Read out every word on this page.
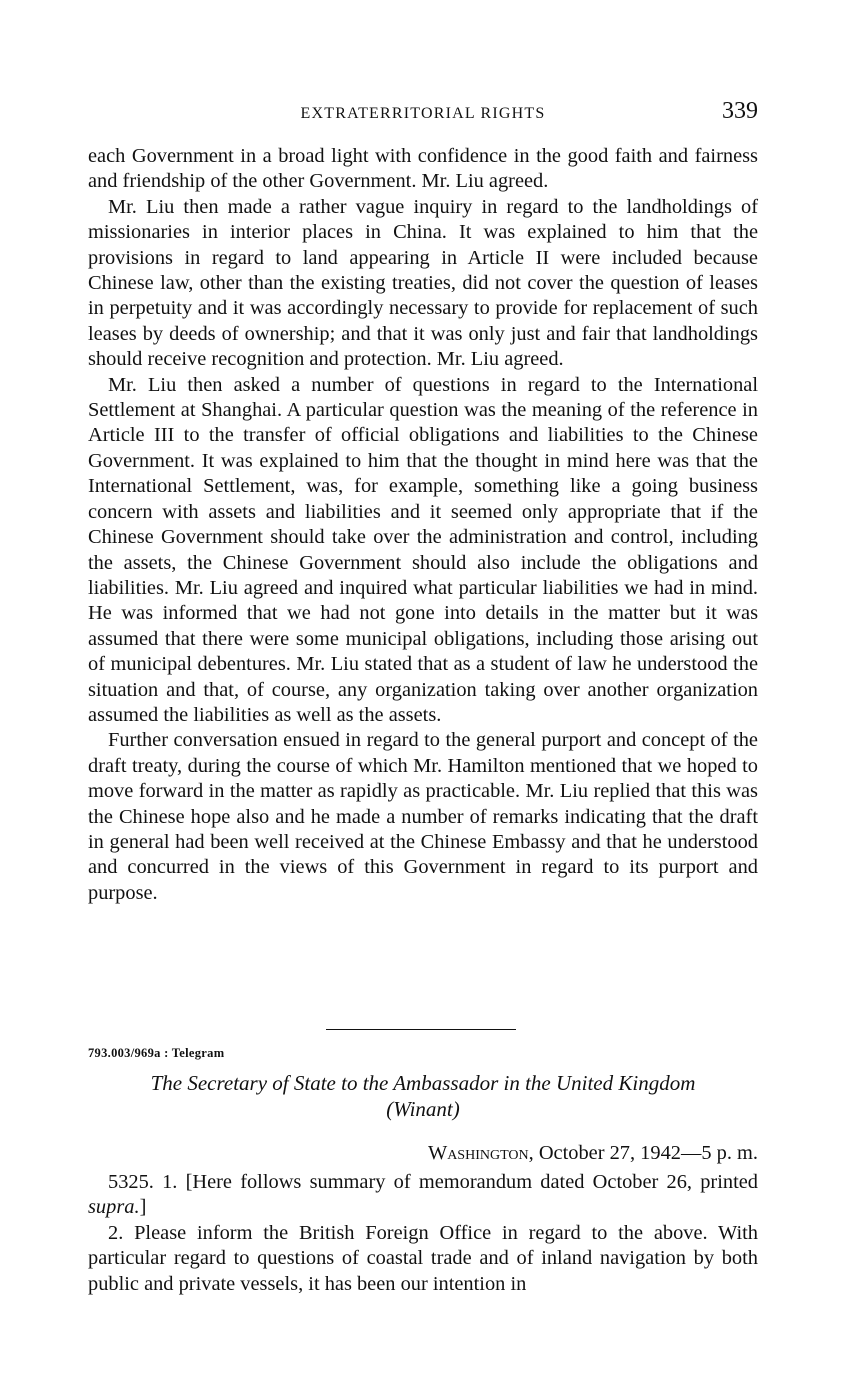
EXTRATERRITORIAL RIGHTS	339

each Government in a broad light with confidence in the good faith and fairness and friendship of the other Government. Mr. Liu agreed.

Mr. Liu then made a rather vague inquiry in regard to the landholdings of missionaries in interior places in China. It was explained to him that the provisions in regard to land appearing in Article II were included because Chinese law, other than the existing treaties, did not cover the question of leases in perpetuity and it was accordingly necessary to provide for replacement of such leases by deeds of ownership; and that it was only just and fair that landholdings should receive recognition and protection. Mr. Liu agreed.

Mr. Liu then asked a number of questions in regard to the International Settlement at Shanghai. A particular question was the meaning of the reference in Article III to the transfer of official obligations and liabilities to the Chinese Government. It was explained to him that the thought in mind here was that the International Settlement, was, for example, something like a going business concern with assets and liabilities and it seemed only appropriate that if the Chinese Government should take over the administration and control, including the assets, the Chinese Government should also include the obligations and liabilities. Mr. Liu agreed and inquired what particular liabilities we had in mind. He was informed that we had not gone into details in the matter but it was assumed that there were some municipal obligations, including those arising out of municipal debentures. Mr. Liu stated that as a student of law he understood the situation and that, of course, any organization taking over another organization assumed the liabilities as well as the assets.

Further conversation ensued in regard to the general purport and concept of the draft treaty, during the course of which Mr. Hamilton mentioned that we hoped to move forward in the matter as rapidly as practicable. Mr. Liu replied that this was the Chinese hope also and he made a number of remarks indicating that the draft in general had been well received at the Chinese Embassy and that he understood and concurred in the views of this Government in regard to its purport and purpose.

793.003/969a : Telegram
The Secretary of State to the Ambassador in the United Kingdom
(Winant)
Washington, October 27, 1942—5 p. m.

5325. 1. [Here follows summary of memorandum dated October 26, printed supra.]

2. Please inform the British Foreign Office in regard to the above. With particular regard to questions of coastal trade and of inland navigation by both public and private vessels, it has been our intention in
